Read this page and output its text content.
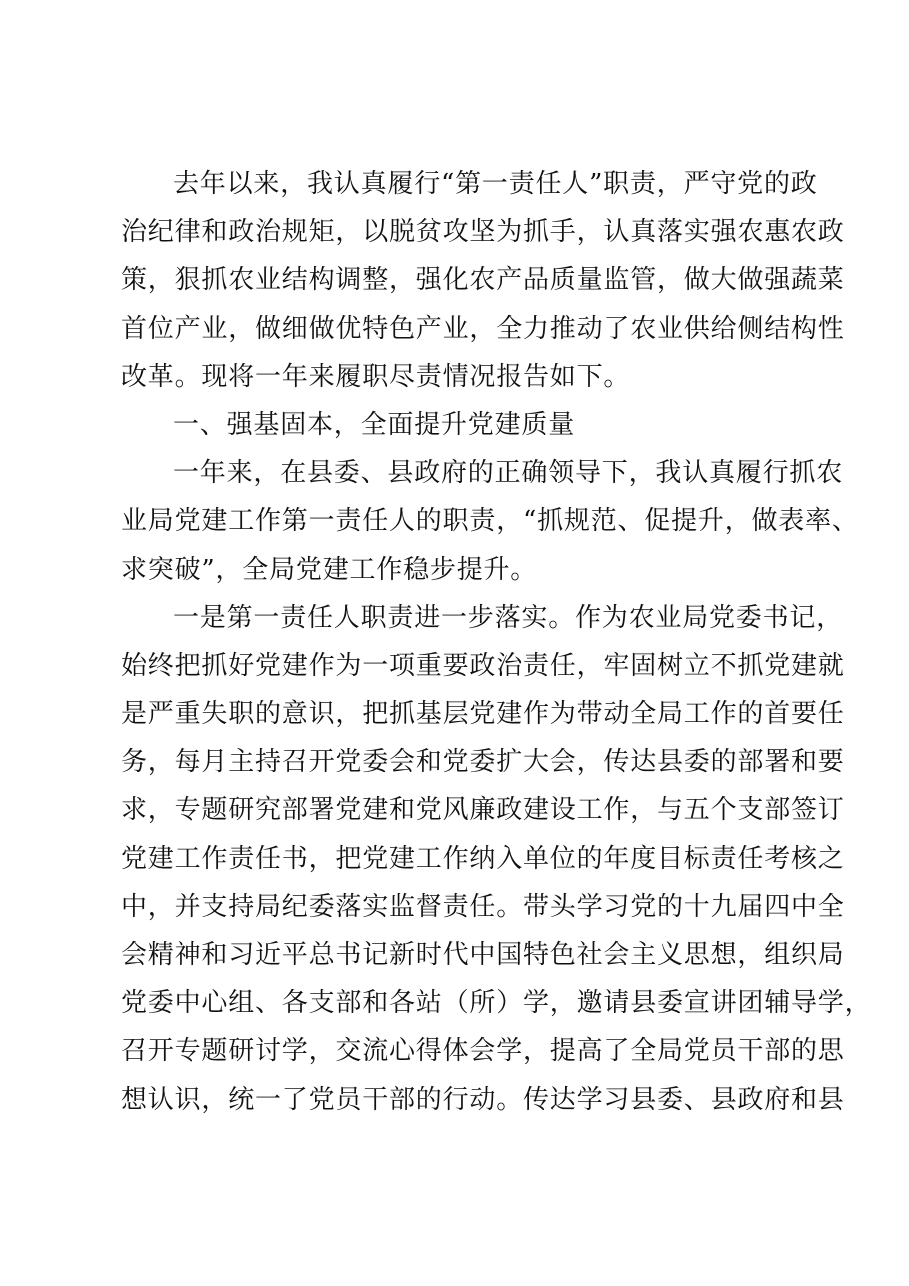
去年以来，我认真履行“第一责任人”职责，严守党的政
治纪律和政治规矩，以脱贫攻坚为抓手，认真落实强农惠农政
策，狠抓农业结构调整，强化农产品质量监管，做大做强蔬菜
首位产业，做细做优特色产业，全力推动了农业供给侧结构性
改革。现将一年来履职尽责情况报告如下。
一、强基固本，全面提升党建质量
一年来，在县委、县政府的正确领导下，我认真履行抓农
业局党建工作第一责任人的职责，“抓规范、促提升，做表率、
求突破”，全局党建工作稳步提升。
一是第一责任人职责进一步落实。作为农业局党委书记，
始终把抓好党建作为一项重要政治责任，牢固树立不抓党建就
是严重失职的意识，把抓基层党建作为带动全局工作的首要任
务，每月主持召开党委会和党委扩大会，传达县委的部署和要
求，专题研究部署党建和党风廉政建设工作，与五个支部签订
党建工作责任书，把党建工作纳入单位的年度目标责任考核之
中，并支持局纪委落实监督责任。带头学习党的十九届四中全
会精神和习近平总书记新时代中国特色社会主义思想，组织局
党委中心组、各支部和各站（所）学，邀请县委宣讲团辅导学，
召开专题研讨学，交流心得体会学，提高了全局党员干部的思
想认识，统一了党员干部的行动。传达学习县委、县政府和县
